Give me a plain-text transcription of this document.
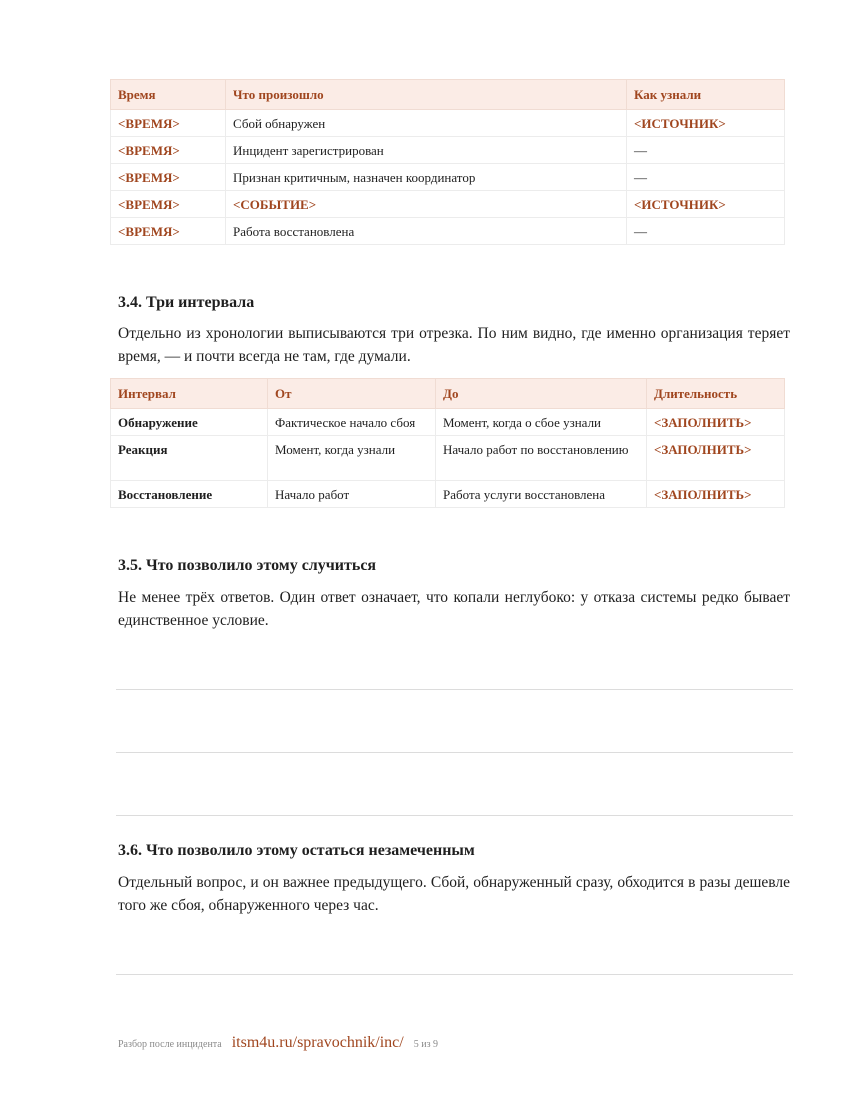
Время	Что произошло	Как узнали
<ВРЕМЯ>	Сбой обнаружен	<ИСТОЧНИК>
<ВРЕМЯ>	Инцидент зарегистрирован	—
<ВРЕМЯ>	Признан критичным, назначен координатор	—
<ВРЕМЯ>	<СОБЫТИЕ>	<ИСТОЧНИК>
<ВРЕМЯ>	Работа восстановлена	—
3.4. Три интервала

Отдельно из хронологии выписываются три отрезка. По ним видно, где именно организация теряет время, — и почти всегда не там, где думали.

Интервал	От	До	Длительность
Обнаружение	Фактическое начало сбоя	Момент, когда о сбое узнали	<ЗАПОЛНИТЬ>
Реакция	Момент, когда узнали	Начало работ по восстановлению	<ЗАПОЛНИТЬ>
Восстановление	Начало работ	Работа услуги восстановлена	<ЗАПОЛНИТЬ>
3.5. Что позволило этому случиться

Не менее трёх ответов. Один ответ означает, что копали неглубоко: у отказа системы редко бывает единственное условие.

3.6. Что позволило этому остаться незамеченным

Отдельный вопрос, и он важнее предыдущего. Сбой, обнаруженный сразу, обходится в разы дешевле того же сбоя, обнаруженного через час.

Разбор после инцидента itsm4u.ru/spravochnik/inc/ 5 из 9
